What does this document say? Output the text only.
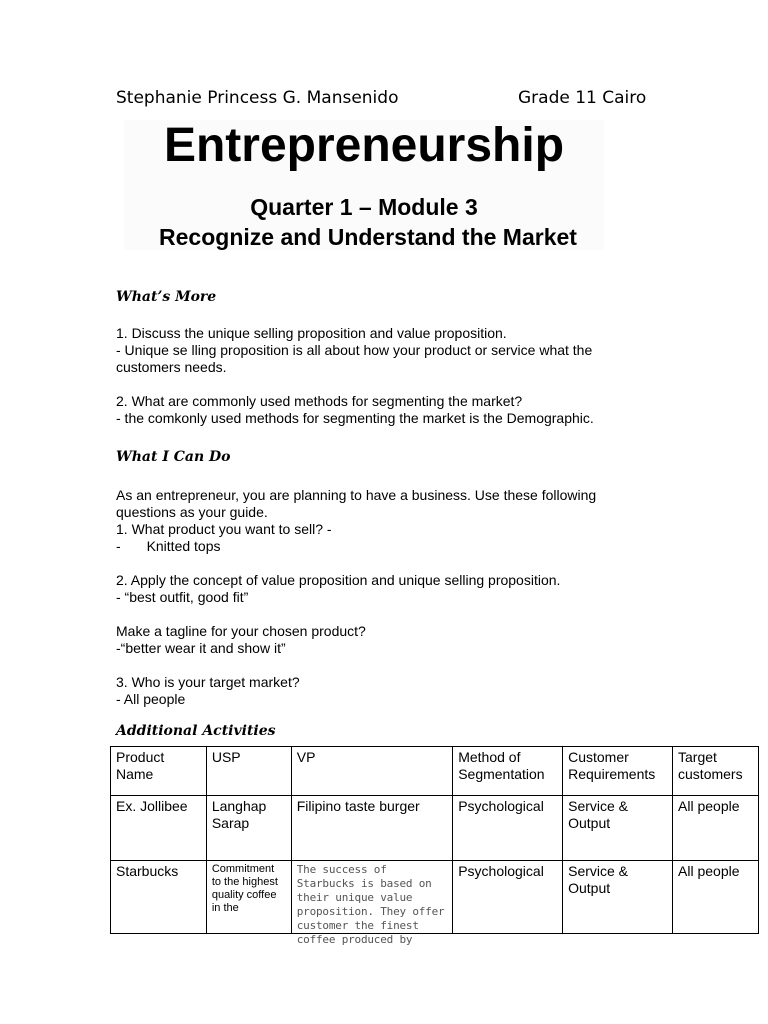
Stephanie Princess G. Mansenido	Grade 11 Cairo
Entrepreneurship
Quarter 1 – Module 3
Recognize and Understand the Market
What’s More
1. Discuss the unique selling proposition and value proposition.
- Unique se lling proposition is all about how your product or service what the
customers needs.
2. What are commonly used methods for segmenting the market?
- the comkonly used methods for segmenting the market is the Demographic.
What I Can Do
As an entrepreneur, you are planning to have a business. Use these following
questions as your guide.
1. What product you want to sell? -
- Knitted tops
2. Apply the concept of value proposition and unique selling proposition.
- “best outfit, good fit”
Make a tagline for your chosen product?
-“better wear it and show it”
3. Who is your target market?
- All people
Additional Activities
Product Name	USP	VP	Method of Segmentation	Customer Requirements	Target customers
Ex. Jollibee	Langhap Sarap	Filipino taste burger	Psychological	Service & Output	All people
Starbucks	Commitment to the highest quality coffee in the	The success of Starbucks is based on their unique value proposition. They offer customer the finest coffee produced by	Psychological	Service & Output	All people
